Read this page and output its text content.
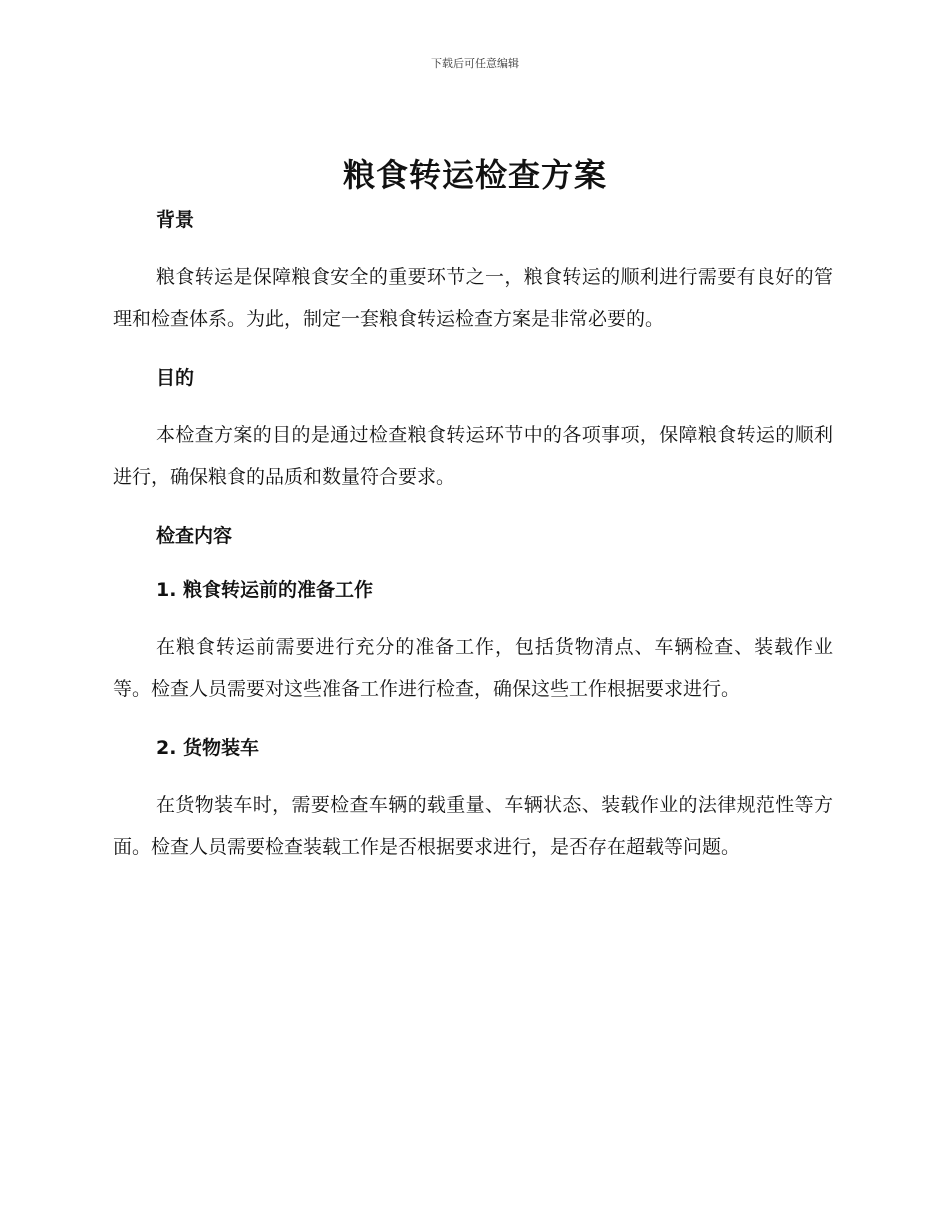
下载后可任意编辑
粮食转运检查方案
背景

粮食转运是保障粮食安全的重要环节之一，粮食转运的顺利进行需要有良好的管理和检查体系。为此，制定一套粮食转运检查方案是非常必要的。

目的

本检查方案的目的是通过检查粮食转运环节中的各项事项，保障粮食转运的顺利进行，确保粮食的品质和数量符合要求。

检查内容
1. 粮食转运前的准备工作

在粮食转运前需要进行充分的准备工作，包括货物清点、车辆检查、装载作业等。检查人员需要对这些准备工作进行检查，确保这些工作根据要求进行。

2. 货物装车

在货物装车时，需要检查车辆的载重量、车辆状态、装载作业的法律规范性等方面。检查人员需要检查装载工作是否根据要求进行，是否存在超载等问题。
